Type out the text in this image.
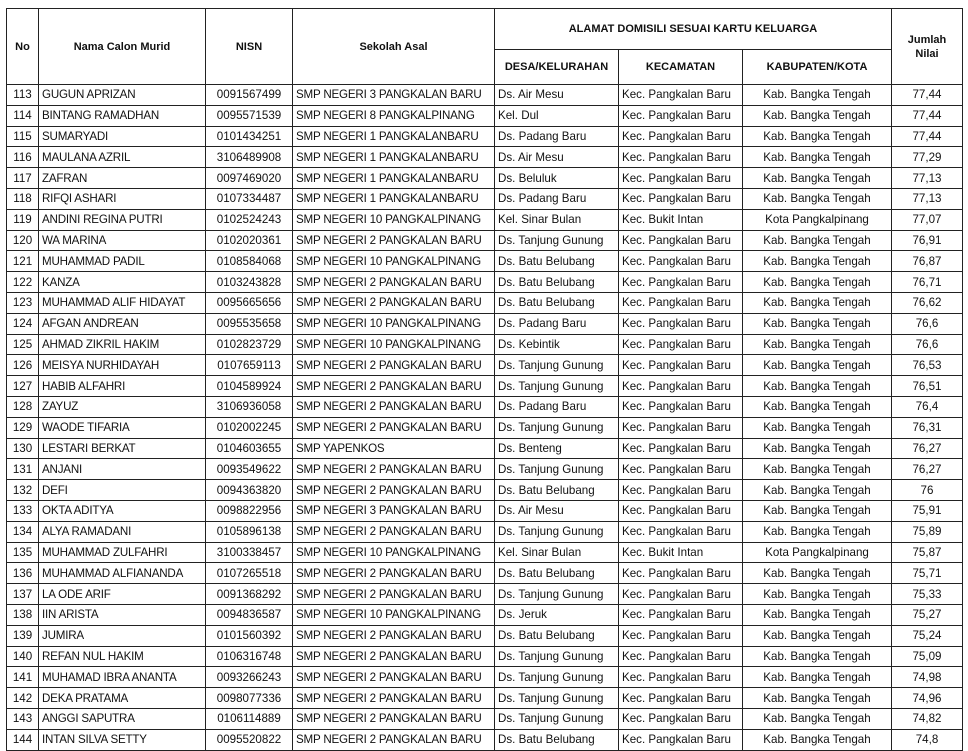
No	Nama Calon Murid	NISN	Sekolah Asal	ALAMAT DOMISILI SESUAI KARTU KELUARGA			Jumlah Nilai
				DESA/KELURAHAN	KECAMATAN	KABUPATEN/KOTA	
113	GUGUN APRIZAN	0091567499	SMP NEGERI 3 PANGKALAN BARU	Ds. Air Mesu	Kec. Pangkalan Baru	Kab. Bangka Tengah	77,44
114	BINTANG RAMADHAN	0095571539	SMP NEGERI 8 PANGKALPINANG	Kel. Dul	Kec. Pangkalan Baru	Kab. Bangka Tengah	77,44
115	SUMARYADI	0101434251	SMP NEGERI 1 PANGKALANBARU	Ds. Padang Baru	Kec. Pangkalan Baru	Kab. Bangka Tengah	77,44
116	MAULANA AZRIL	3106489908	SMP NEGERI 1 PANGKALANBARU	Ds. Air Mesu	Kec. Pangkalan Baru	Kab. Bangka Tengah	77,29
117	ZAFRAN	0097469020	SMP NEGERI 1 PANGKALANBARU	Ds. Beluluk	Kec. Pangkalan Baru	Kab. Bangka Tengah	77,13
118	RIFQI ASHARI	0107334487	SMP NEGERI 1 PANGKALANBARU	Ds. Padang Baru	Kec. Pangkalan Baru	Kab. Bangka Tengah	77,13
119	ANDINI REGINA PUTRI	0102524243	SMP NEGERI 10 PANGKALPINANG	Kel. Sinar Bulan	Kec. Bukit Intan	Kota Pangkalpinang	77,07
120	WA MARINA	0102020361	SMP NEGERI 2 PANGKALAN BARU	Ds. Tanjung Gunung	Kec. Pangkalan Baru	Kab. Bangka Tengah	76,91
121	MUHAMMAD PADIL	0108584068	SMP NEGERI 10 PANGKALPINANG	Ds. Batu Belubang	Kec. Pangkalan Baru	Kab. Bangka Tengah	76,87
122	KANZA	0103243828	SMP NEGERI 2 PANGKALAN BARU	Ds. Batu Belubang	Kec. Pangkalan Baru	Kab. Bangka Tengah	76,71
123	MUHAMMAD ALIF HIDAYAT	0095665656	SMP NEGERI 2 PANGKALAN BARU	Ds. Batu Belubang	Kec. Pangkalan Baru	Kab. Bangka Tengah	76,62
124	AFGAN ANDREAN	0095535658	SMP NEGERI 10 PANGKALPINANG	Ds. Padang Baru	Kec. Pangkalan Baru	Kab. Bangka Tengah	76,6
125	AHMAD ZIKRIL HAKIM	0102823729	SMP NEGERI 10 PANGKALPINANG	Ds. Kebintik	Kec. Pangkalan Baru	Kab. Bangka Tengah	76,6
126	MEISYA NURHIDAYAH	0107659113	SMP NEGERI 2 PANGKALAN BARU	Ds. Tanjung Gunung	Kec. Pangkalan Baru	Kab. Bangka Tengah	76,53
127	HABIB ALFAHRI	0104589924	SMP NEGERI 2 PANGKALAN BARU	Ds. Tanjung Gunung	Kec. Pangkalan Baru	Kab. Bangka Tengah	76,51
128	ZAYUZ	3106936058	SMP NEGERI 2 PANGKALAN BARU	Ds. Padang Baru	Kec. Pangkalan Baru	Kab. Bangka Tengah	76,4
129	WAODE TIFARIA	0102002245	SMP NEGERI 2 PANGKALAN BARU	Ds. Tanjung Gunung	Kec. Pangkalan Baru	Kab. Bangka Tengah	76,31
130	LESTARI BERKAT	0104603655	SMP YAPENKOS	Ds. Benteng	Kec. Pangkalan Baru	Kab. Bangka Tengah	76,27
131	ANJANI	0093549622	SMP NEGERI 2 PANGKALAN BARU	Ds. Tanjung Gunung	Kec. Pangkalan Baru	Kab. Bangka Tengah	76,27
132	DEFI	0094363820	SMP NEGERI 2 PANGKALAN BARU	Ds. Batu Belubang	Kec. Pangkalan Baru	Kab. Bangka Tengah	76
133	OKTA ADITYA	0098822956	SMP NEGERI 3 PANGKALAN BARU	Ds. Air Mesu	Kec. Pangkalan Baru	Kab. Bangka Tengah	75,91
134	ALYA RAMADANI	0105896138	SMP NEGERI 2 PANGKALAN BARU	Ds. Tanjung Gunung	Kec. Pangkalan Baru	Kab. Bangka Tengah	75,89
135	MUHAMMAD ZULFAHRI	3100338457	SMP NEGERI 10 PANGKALPINANG	Kel. Sinar Bulan	Kec. Bukit Intan	Kota Pangkalpinang	75,87
136	MUHAMMAD ALFIANANDA	0107265518	SMP NEGERI 2 PANGKALAN BARU	Ds. Batu Belubang	Kec. Pangkalan Baru	Kab. Bangka Tengah	75,71
137	LA ODE ARIF	0091368292	SMP NEGERI 2 PANGKALAN BARU	Ds. Tanjung Gunung	Kec. Pangkalan Baru	Kab. Bangka Tengah	75,33
138	IIN ARISTA	0094836587	SMP NEGERI 10 PANGKALPINANG	Ds. Jeruk	Kec. Pangkalan Baru	Kab. Bangka Tengah	75,27
139	JUMIRA	0101560392	SMP NEGERI 2 PANGKALAN BARU	Ds. Batu Belubang	Kec. Pangkalan Baru	Kab. Bangka Tengah	75,24
140	REFAN NUL HAKIM	0106316748	SMP NEGERI 2 PANGKALAN BARU	Ds. Tanjung Gunung	Kec. Pangkalan Baru	Kab. Bangka Tengah	75,09
141	MUHAMAD IBRA ANANTA	0093266243	SMP NEGERI 2 PANGKALAN BARU	Ds. Tanjung Gunung	Kec. Pangkalan Baru	Kab. Bangka Tengah	74,98
142	DEKA PRATAMA	0098077336	SMP NEGERI 2 PANGKALAN BARU	Ds. Tanjung Gunung	Kec. Pangkalan Baru	Kab. Bangka Tengah	74,96
143	ANGGI SAPUTRA	0106114889	SMP NEGERI 2 PANGKALAN BARU	Ds. Tanjung Gunung	Kec. Pangkalan Baru	Kab. Bangka Tengah	74,82
144	INTAN SILVA SETTY	0095520822	SMP NEGERI 2 PANGKALAN BARU	Ds. Batu Belubang	Kec. Pangkalan Baru	Kab. Bangka Tengah	74,8
